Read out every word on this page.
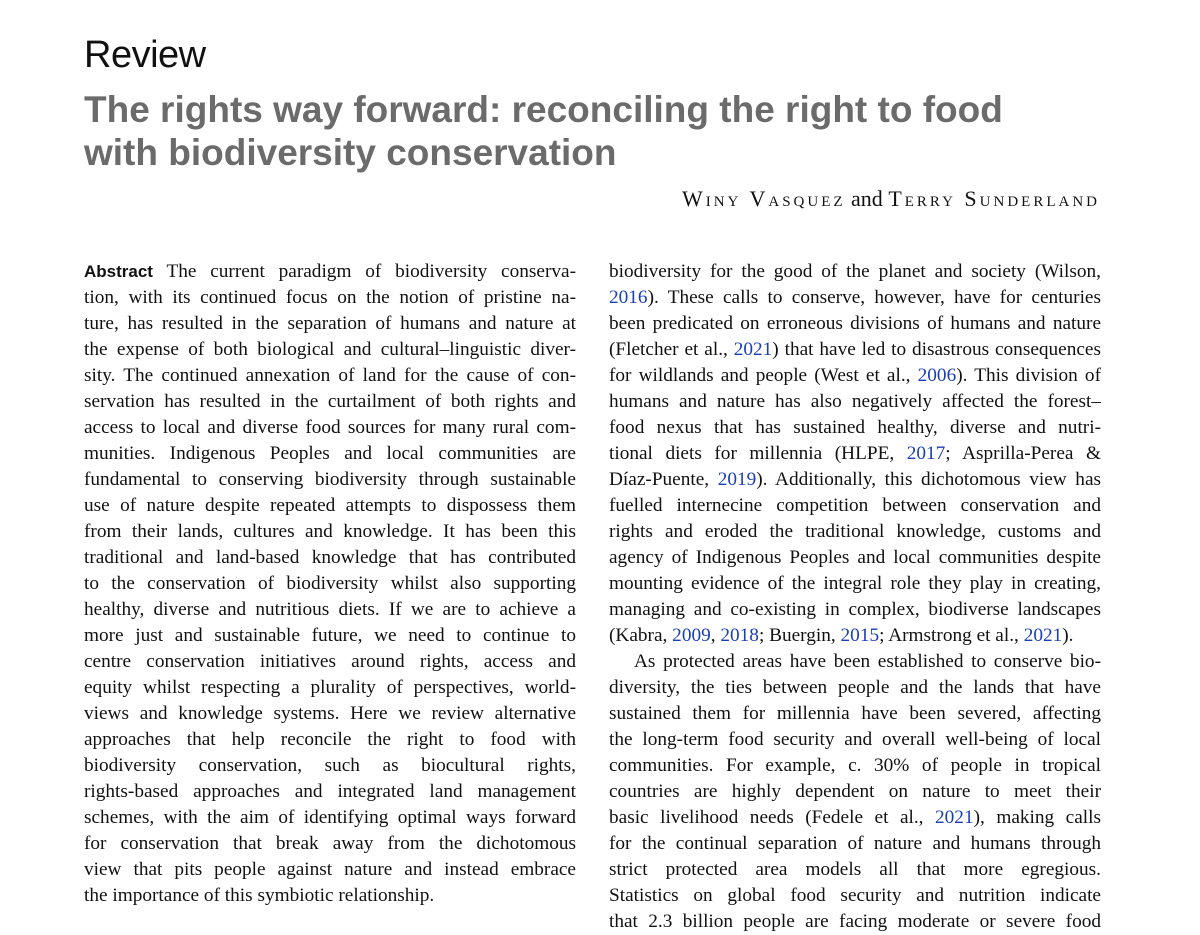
Review
The rights way forward: reconciling the right to food
with biodiversity conservation
Winy Vasquez and Terry Sunderland
Abstract The current paradigm of biodiversity conserva-
tion, with its continued focus on the notion of pristine na-
ture, has resulted in the separation of humans and nature at
the expense of both biological and cultural–linguistic diver-
sity. The continued annexation of land for the cause of con-
servation has resulted in the curtailment of both rights and
access to local and diverse food sources for many rural com-
munities. Indigenous Peoples and local communities are
fundamental to conserving biodiversity through sustainable
use of nature despite repeated attempts to dispossess them
from their lands, cultures and knowledge. It has been this
traditional and land-based knowledge that has contributed
to the conservation of biodiversity whilst also supporting
healthy, diverse and nutritious diets. If we are to achieve a
more just and sustainable future, we need to continue to
centre conservation initiatives around rights, access and
equity whilst respecting a plurality of perspectives, world-
views and knowledge systems. Here we review alternative
approaches that help reconcile the right to food with
biodiversity conservation, such as biocultural rights,
rights-based approaches and integrated land management
schemes, with the aim of identifying optimal ways forward
for conservation that break away from the dichotomous
view that pits people against nature and instead embrace
the importance of this symbiotic relationship.
biodiversity for the good of the planet and society (Wilson,
2016). These calls to conserve, however, have for centuries
been predicated on erroneous divisions of humans and nature
(Fletcher et al., 2021) that have led to disastrous consequences
for wildlands and people (West et al., 2006). This division of
humans and nature has also negatively affected the forest–
food nexus that has sustained healthy, diverse and nutri-
tional diets for millennia (HLPE, 2017; Asprilla-Perea &
Díaz-Puente, 2019). Additionally, this dichotomous view has
fuelled internecine competition between conservation and
rights and eroded the traditional knowledge, customs and
agency of Indigenous Peoples and local communities despite
mounting evidence of the integral role they play in creating,
managing and co-existing in complex, biodiverse landscapes
(Kabra, 2009, 2018; Buergin, 2015; Armstrong et al., 2021).
As protected areas have been established to conserve bio-
diversity, the ties between people and the lands that have
sustained them for millennia have been severed, affecting
the long-term food security and overall well-being of local
communities. For example, c. 30% of people in tropical
countries are highly dependent on nature to meet their
basic livelihood needs (Fedele et al., 2021), making calls
for the continual separation of nature and humans through
strict protected area models all that more egregious.
Statistics on global food security and nutrition indicate
that 2.3 billion people are facing moderate or severe food
